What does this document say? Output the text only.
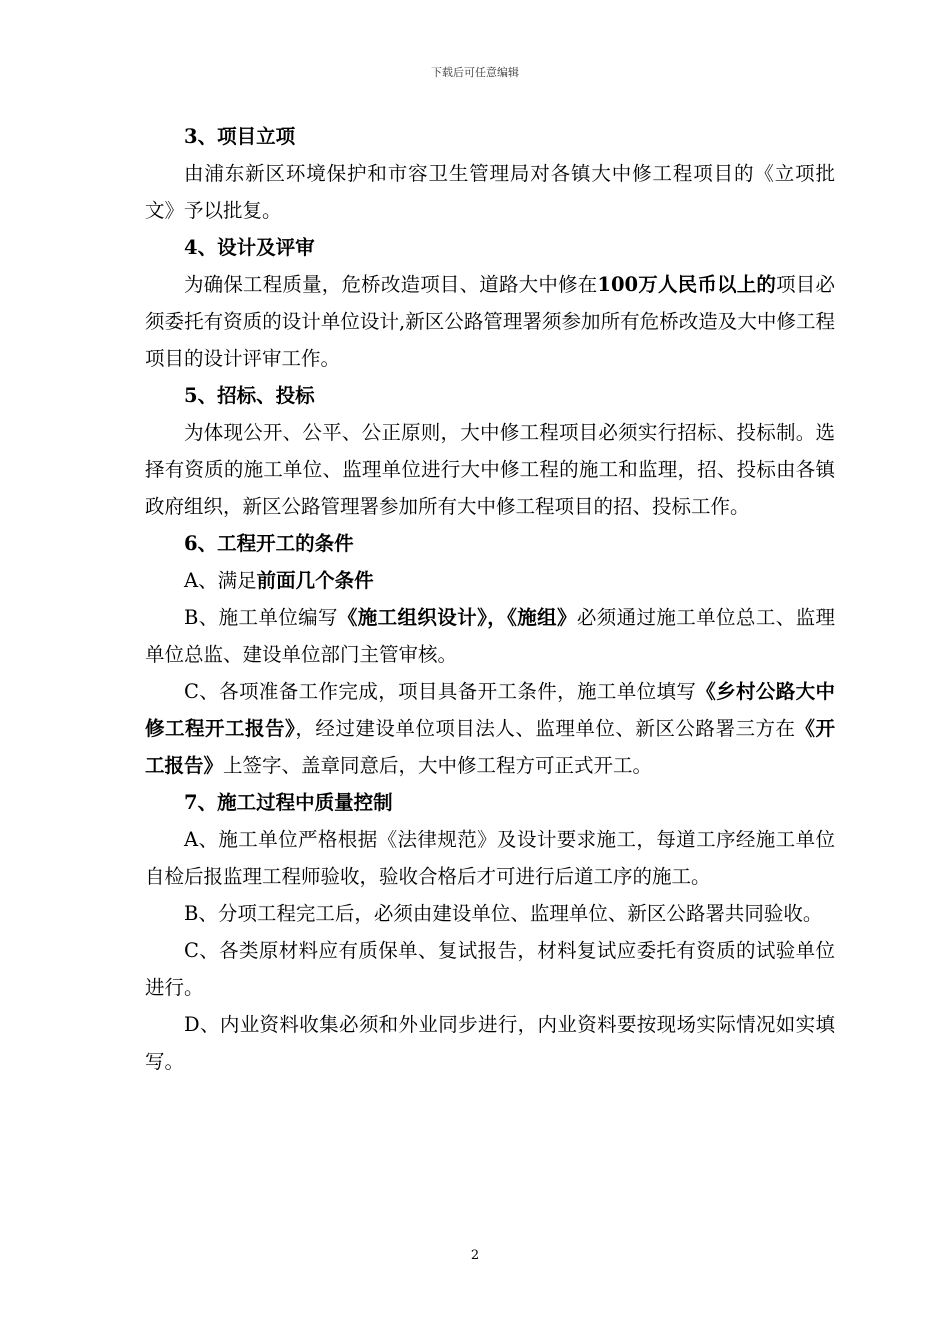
下载后可任意编辑

3、项目立项

由浦东新区环境保护和市容卫生管理局对各镇大中修工程项目的《立项批文》予以批复。

4、设计及评审

为确保工程质量，危桥改造项目、道路大中修在100万人民币以上的项目必须委托有资质的设计单位设计,新区公路管理署须参加所有危桥改造及大中修工程项目的设计评审工作。

5、招标、投标

为体现公开、公平、公正原则，大中修工程项目必须实行招标、投标制。选择有资质的施工单位、监理单位进行大中修工程的施工和监理，招、投标由各镇政府组织，新区公路管理署参加所有大中修工程项目的招、投标工作。

6、工程开工的条件

A、满足前面几个条件

B、施工单位编写《施工组织设计》，《施组》必须通过施工单位总工、监理单位总监、建设单位部门主管审核。

C、各项准备工作完成，项目具备开工条件，施工单位填写《乡村公路大中修工程开工报告》，经过建设单位项目法人、监理单位、新区公路署三方在《开工报告》上签字、盖章同意后，大中修工程方可正式开工。

7、施工过程中质量控制

A、施工单位严格根据《法律规范》及设计要求施工，每道工序经施工单位自检后报监理工程师验收，验收合格后才可进行后道工序的施工。

B、分项工程完工后，必须由建设单位、监理单位、新区公路署共同验收。

C、各类原材料应有质保单、复试报告，材料复试应委托有资质的试验单位进行。

D、内业资料收集必须和外业同步进行，内业资料要按现场实际情况如实填写。

2
